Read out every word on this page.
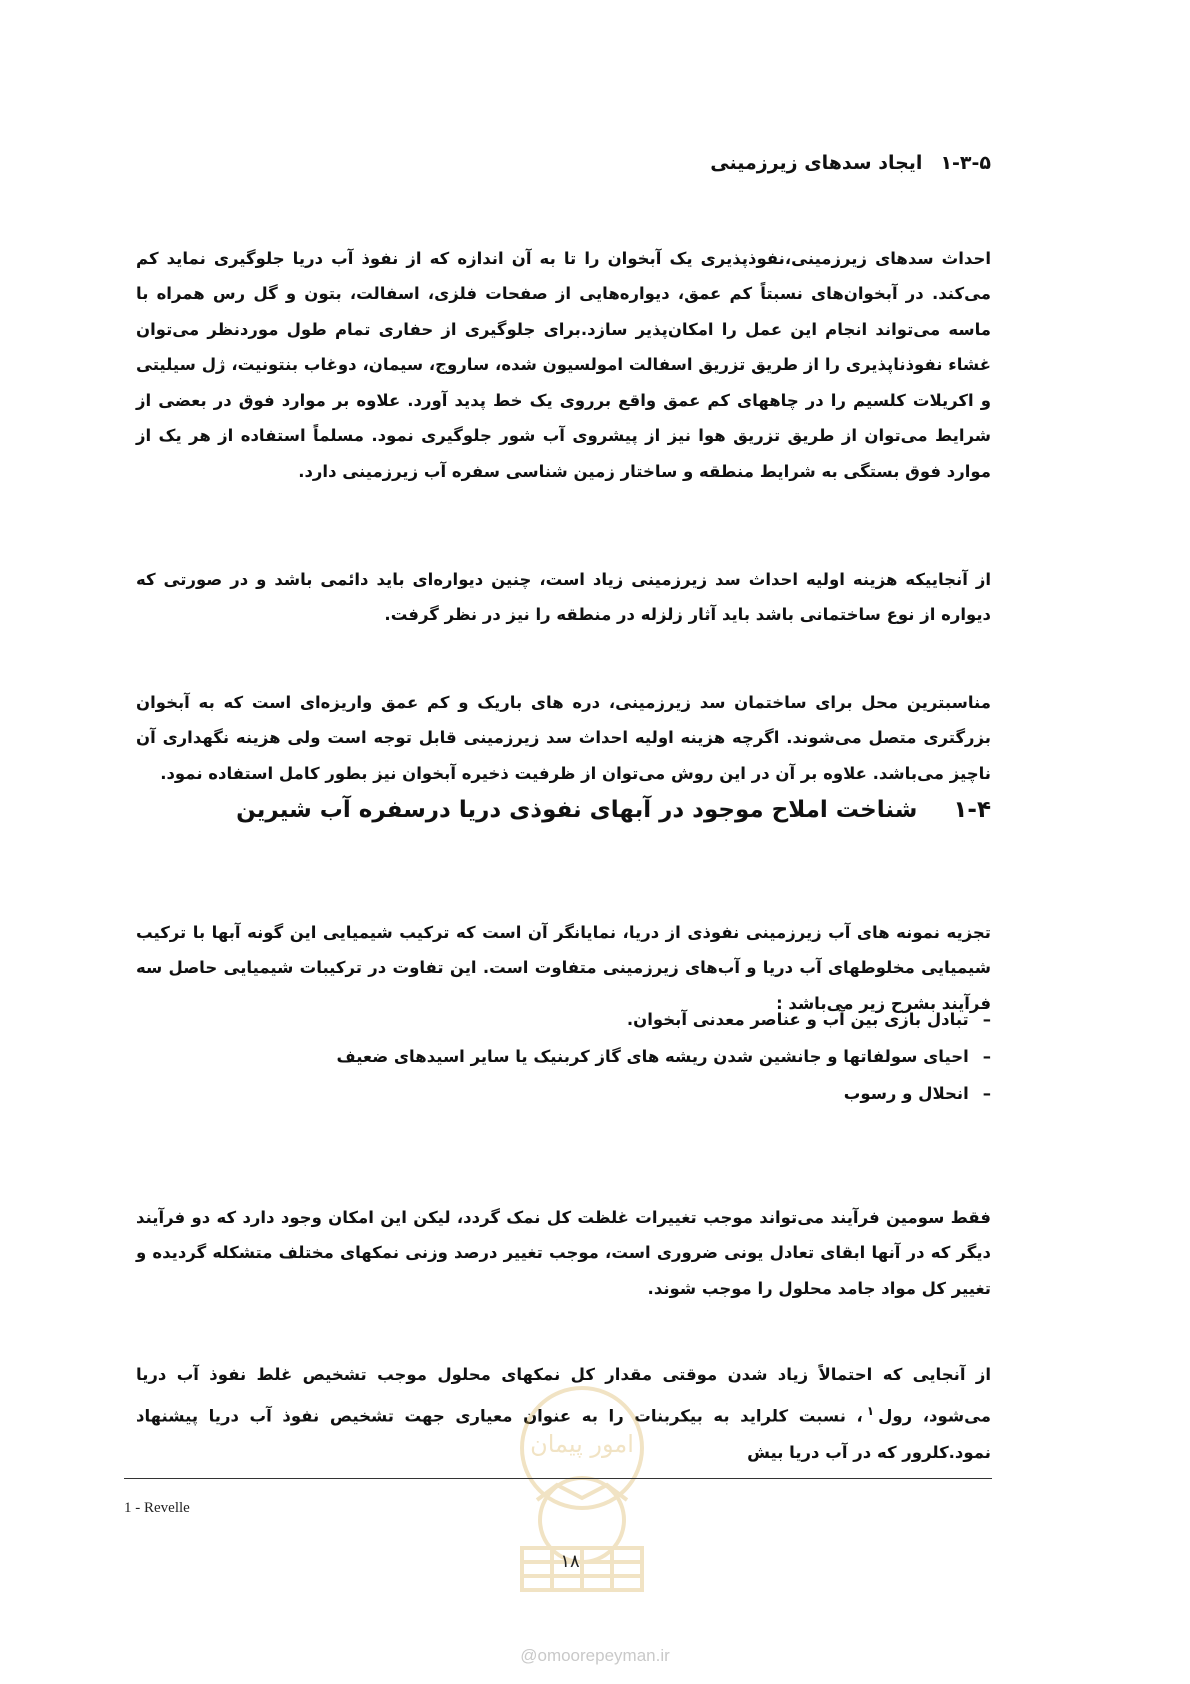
۱-۳-۵ایجاد سدهای زیرزمینی

احداث سدهای زیرزمینی،نفوذپذیری یک آبخوان را تا به آن اندازه که از نفوذ آب دریا جلوگیری نماید کم می‌کند. در آبخوان‌های نسبتاً کم عمق، دیواره‌هایی از صفحات فلزی، اسفالت، بتون و گل رس همراه با ماسه می‌تواند انجام این عمل را امکان‌پذیر سازد.برای جلوگیری از حفاری تمام طول موردنظر می‌توان غشاء نفوذناپذیری را از طریق تزریق اسفالت امولسیون شده، ساروج، سیمان، دوغاب بنتونیت، ژل سیلیتی و اکریلات کلسیم را در چاههای کم عمق واقع برروی یک خط پدید آورد. علاوه بر موارد فوق در بعضی از شرایط می‌توان از طریق تزریق هوا نیز از پیشروی آب شور جلوگیری نمود. مسلماً استفاده از هر یک از موارد فوق بستگی به شرایط منطقه و ساختار زمین شناسی سفره آب زیرزمینی دارد.

از آنجاییکه هزینه اولیه احداث سد زیرزمینی زیاد است، چنین دیواره‌ای باید دائمی باشد و در صورتی که دیواره از نوع ساختمانی باشد باید آثار زلزله در منطقه را نیز در نظر گرفت.

مناسبترین محل برای ساختمان سد زیرزمینی، دره های باریک و کم عمق واریزه‌ای است که به آبخوان بزرگتری متصل می‌شوند. اگرچه هزینه اولیه احداث سد زیرزمینی قابل توجه است ولی هزینه نگهداری آن ناچیز می‌باشد. علاوه بر آن در این روش می‌توان از ظرفیت ذخیره آبخوان نیز بطور کامل استفاده نمود.

۱-۴شناخت املاح موجود در آبهای نفوذی دریا درسفره آب شیرین

تجزیه نمونه های آب زیرزمینی نفوذی از دریا، نمایانگر آن است که ترکیب شیمیایی این گونه آبها با ترکیب شیمیایی مخلوطهای آب دریا و آب‌های زیرزمینی متفاوت است. این تفاوت در ترکیبات شیمیایی حاصل سه فرآیند بشرح زیر می‌باشد :

– تبادل بازی بین آب و عناصر معدنی آبخوان.
– احیای سولفاتها و جانشین شدن ریشه های گاز کربنیک یا سایر اسیدهای ضعیف
– انحلال و رسوب

فقط سومین فرآیند می‌تواند موجب تغییرات غلظت کل نمک گردد، لیکن این امکان وجود دارد که دو فرآیند دیگر که در آنها ابقای تعادل یونی ضروری است، موجب تغییر درصد وزنی نمکهای مختلف متشکله گردیده و تغییر کل مواد جامد محلول را موجب شوند.

از آنجایی که احتمالاً زیاد شدن موقتی مقدار کل نمکهای محلول موجب تشخیص غلط نفوذ آب دریا می‌شود، رول$^۱$، نسبت کلراید به بیکربنات را به عنوان معیاری جهت تشخیص نفوذ آب دریا پیشنهاد نمود.کلرور که در آب دریا بیش

امور پیمان
1 - Revelle
۱۸
@omoorepeyman.ir
